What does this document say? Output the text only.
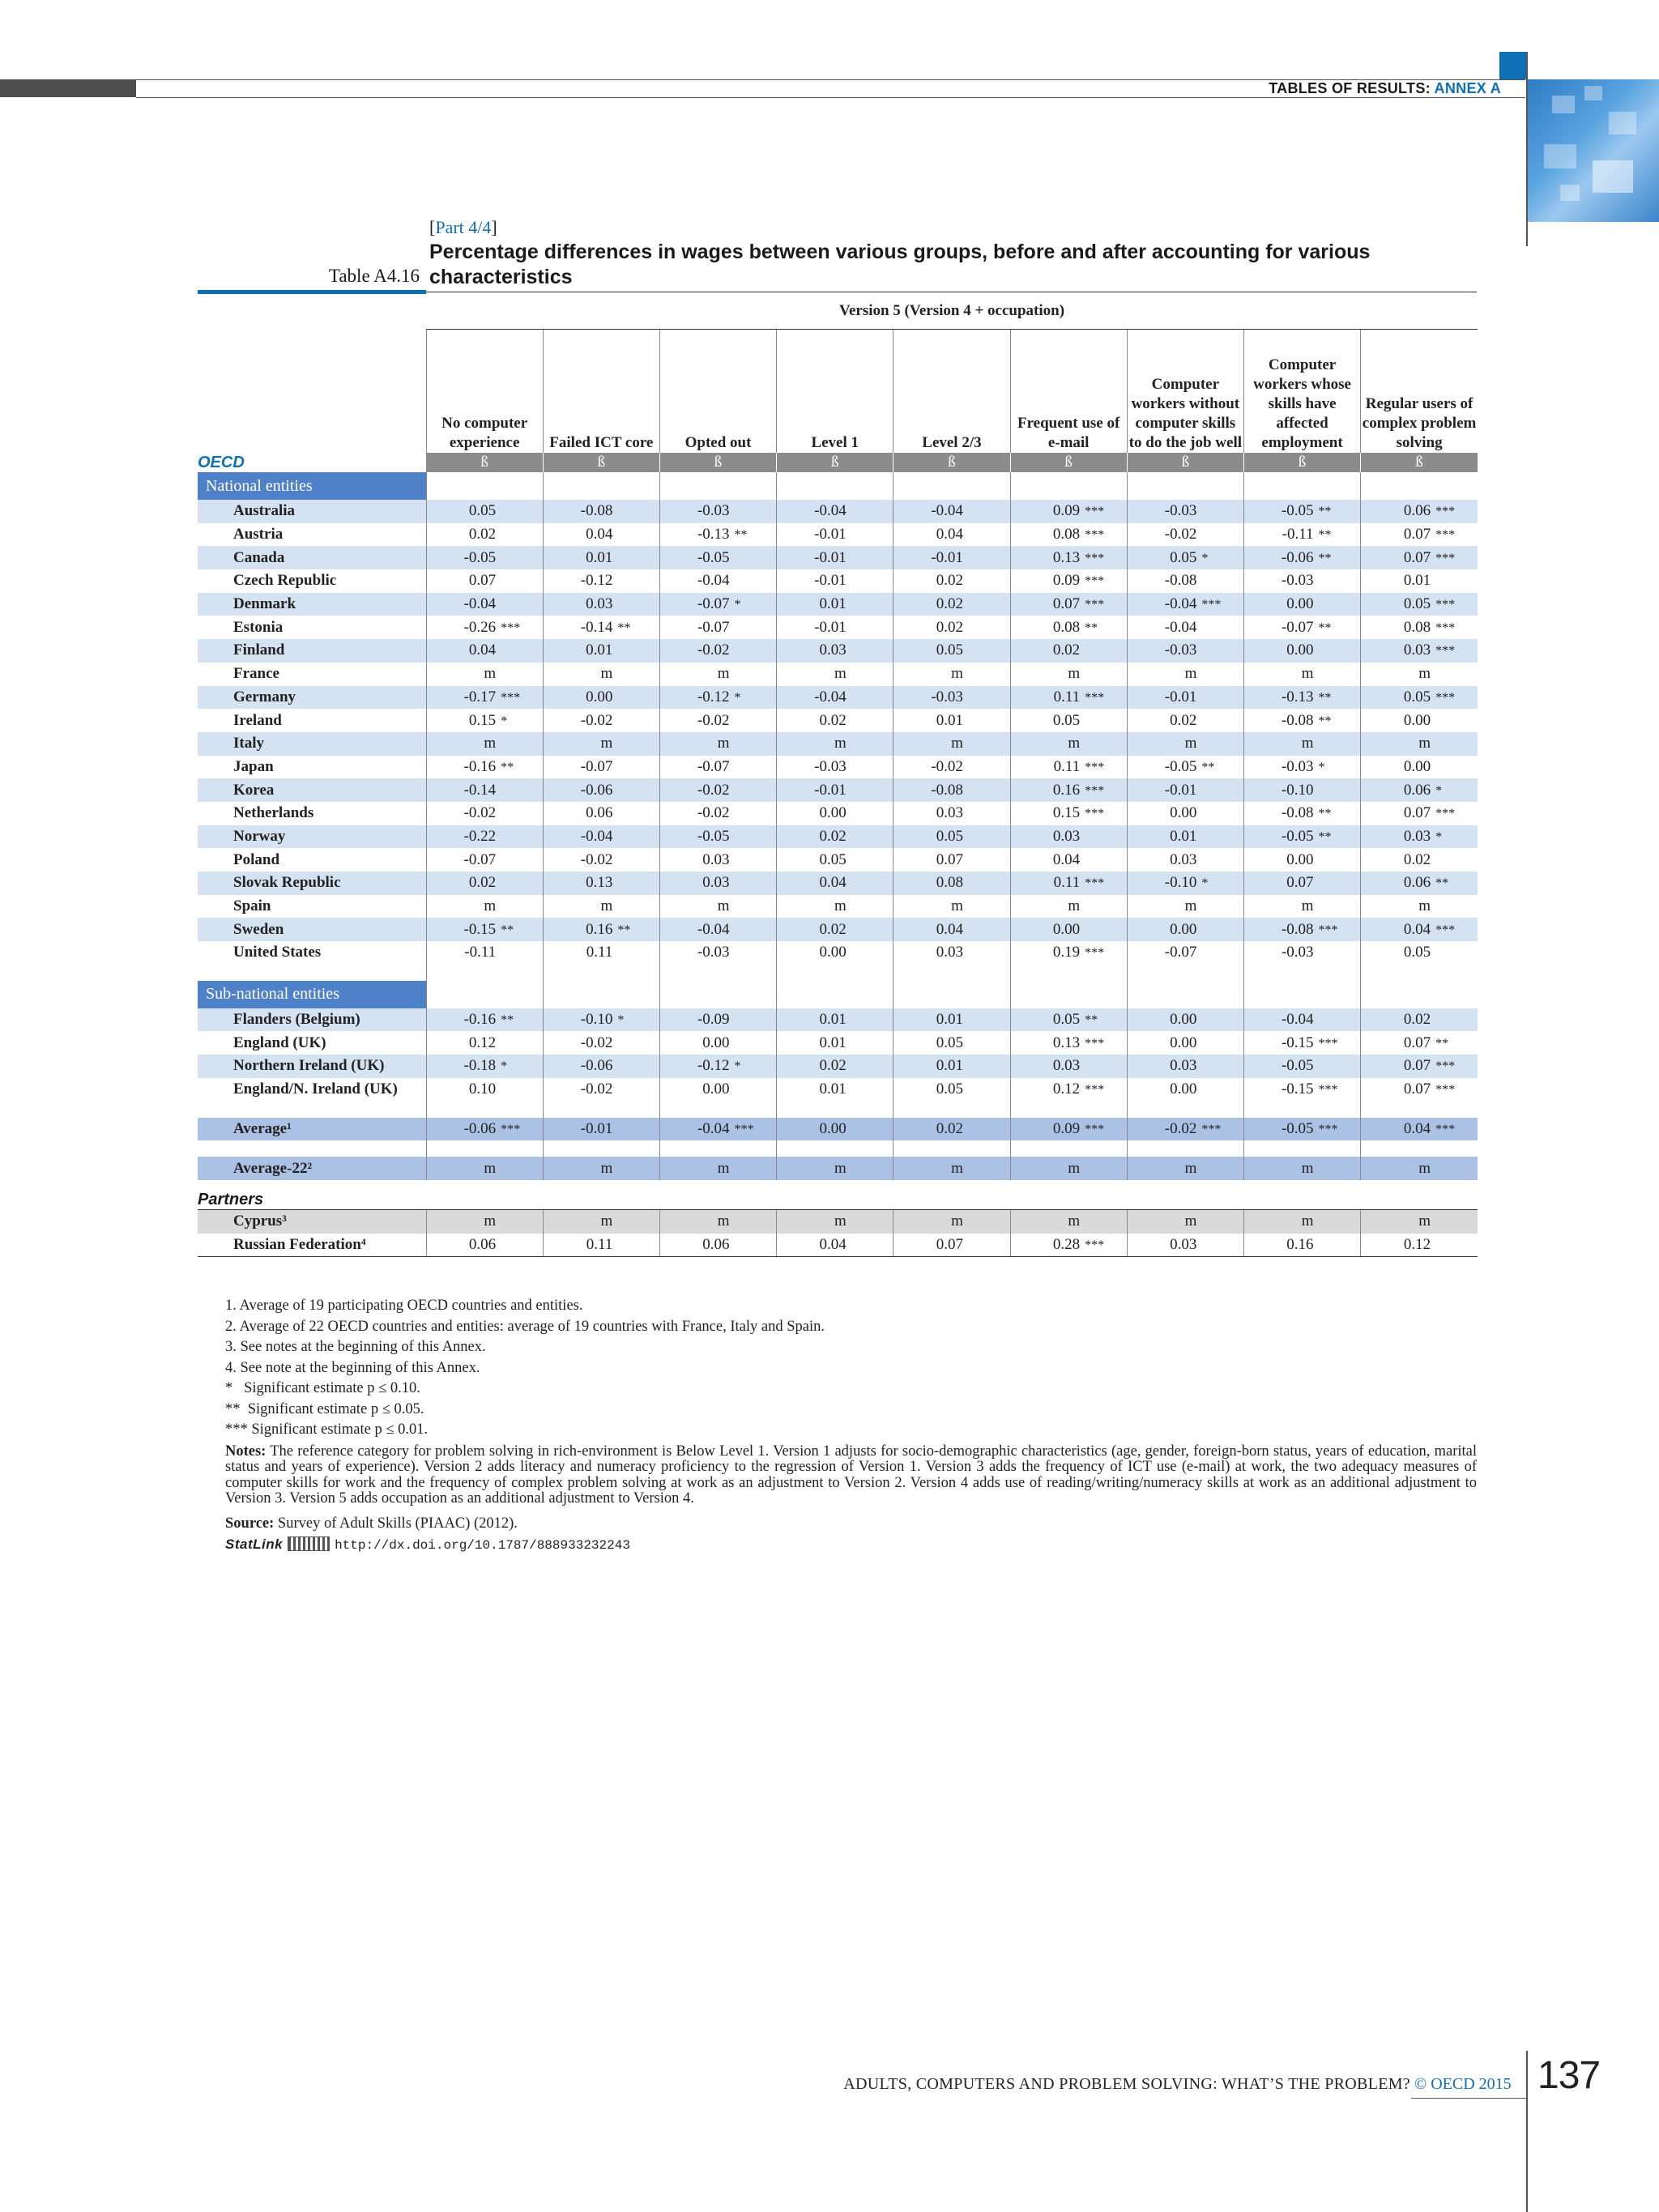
TABLES OF RESULTS: ANNEX A
[Part 4/4]
Percentage differences in wages between various groups, before and after accounting for various characteristics
Table A4.16
	Version 5 (Version 4 + occupation)								
	No computer experience	Failed ICT core	Opted out	Level 1	Level 2/3	Frequent use of e-mail	Computer workers without computer skills to do the job well	Computer workers whose skills have affected employment	Regular users of complex problem solving
OECD	ß	ß	ß	ß	ß	ß	ß	ß	ß
National entities									
Australia	0.05	-0.08	-0.03	-0.04	-0.04	0.09 ***	-0.03	-0.05 **	0.06 ***
Austria	0.02	0.04	-0.13 **	-0.01	0.04	0.08 ***	-0.02	-0.11 **	0.07 ***
Canada	-0.05	0.01	-0.05	-0.01	-0.01	0.13 ***	0.05 *	-0.06 **	0.07 ***
Czech Republic	0.07	-0.12	-0.04	-0.01	0.02	0.09 ***	-0.08	-0.03	0.01
Denmark	-0.04	0.03	-0.07 *	0.01	0.02	0.07 ***	-0.04 ***	0.00	0.05 ***
Estonia	-0.26 ***	-0.14 **	-0.07	-0.01	0.02	0.08 **	-0.04	-0.07 **	0.08 ***
Finland	0.04	0.01	-0.02	0.03	0.05	0.02	-0.03	0.00	0.03 ***
France	m	m	m	m	m	m	m	m	m
Germany	-0.17 ***	0.00	-0.12 *	-0.04	-0.03	0.11 ***	-0.01	-0.13 **	0.05 ***
Ireland	0.15 *	-0.02	-0.02	0.02	0.01	0.05	0.02	-0.08 **	0.00
Italy	m	m	m	m	m	m	m	m	m
Japan	-0.16 **	-0.07	-0.07	-0.03	-0.02	0.11 ***	-0.05 **	-0.03 *	0.00
Korea	-0.14	-0.06	-0.02	-0.01	-0.08	0.16 ***	-0.01	-0.10	0.06 *
Netherlands	-0.02	0.06	-0.02	0.00	0.03	0.15 ***	0.00	-0.08 **	0.07 ***
Norway	-0.22	-0.04	-0.05	0.02	0.05	0.03	0.01	-0.05 **	0.03 *
Poland	-0.07	-0.02	0.03	0.05	0.07	0.04	0.03	0.00	0.02
Slovak Republic	0.02	0.13	0.03	0.04	0.08	0.11 ***	-0.10 *	0.07	0.06 **
Spain	m	m	m	m	m	m	m	m	m
Sweden	-0.15 **	0.16 **	-0.04	0.02	0.04	0.00	0.00	-0.08 ***	0.04 ***
United States	-0.11	0.11	-0.03	0.00	0.03	0.19 ***	-0.07	-0.03	0.05

Sub-national entities									
Flanders (Belgium)	-0.16 **	-0.10 *	-0.09	0.01	0.01	0.05 **	0.00	-0.04	0.02
England (UK)	0.12	-0.02	0.00	0.01	0.05	0.13 ***	0.00	-0.15 ***	0.07 **
Northern Ireland (UK)	-0.18 *	-0.06	-0.12 *	0.02	0.01	0.03	0.03	-0.05	0.07 ***
England/N. Ireland (UK)	0.10	-0.02	0.00	0.01	0.05	0.12 ***	0.00	-0.15 ***	0.07 ***

Average¹	-0.06 ***	-0.01	-0.04 ***	0.00	0.02	0.09 ***	-0.02 ***	-0.05 ***	0.04 ***

Average-22²	m	m	m	m	m	m	m	m	m
Partners									
Cyprus³	m	m	m	m	m	m	m	m	m
Russian Federation⁴	0.06	0.11	0.06	0.04	0.07	0.28 ***	0.03	0.16	0.12

1. Average of 19 participating OECD countries and entities.

2. Average of 22 OECD countries and entities: average of 19 countries with France, Italy and Spain.

3. See notes at the beginning of this Annex.

4. See note at the beginning of this Annex.

*   Significant estimate p ≤ 0.10.

**  Significant estimate p ≤ 0.05.

*** Significant estimate p ≤ 0.01.

Notes: The reference category for problem solving in rich-environment is Below Level 1. Version 1 adjusts for socio-demographic characteristics (age, gender, foreign-born status, years of education, marital status and years of experience). Version 2 adds literacy and numeracy proficiency to the regression of Version 1. Version 3 adds the frequency of ICT use (e-mail) at work, the two adequacy measures of computer skills for work and the frequency of complex problem solving at work as an adjustment to Version 2. Version 4 adds use of reading/writing/numeracy skills at work as an additional adjustment to Version 3. Version 5 adds occupation as an additional adjustment to Version 4.

Source: Survey of Adult Skills (PIAAC) (2012).

StatLink	http://dx.doi.org/10.1787/888933232243

ADULTS, COMPUTERS AND PROBLEM SOLVING: WHAT’S THE PROBLEM? © OECD 2015 137
